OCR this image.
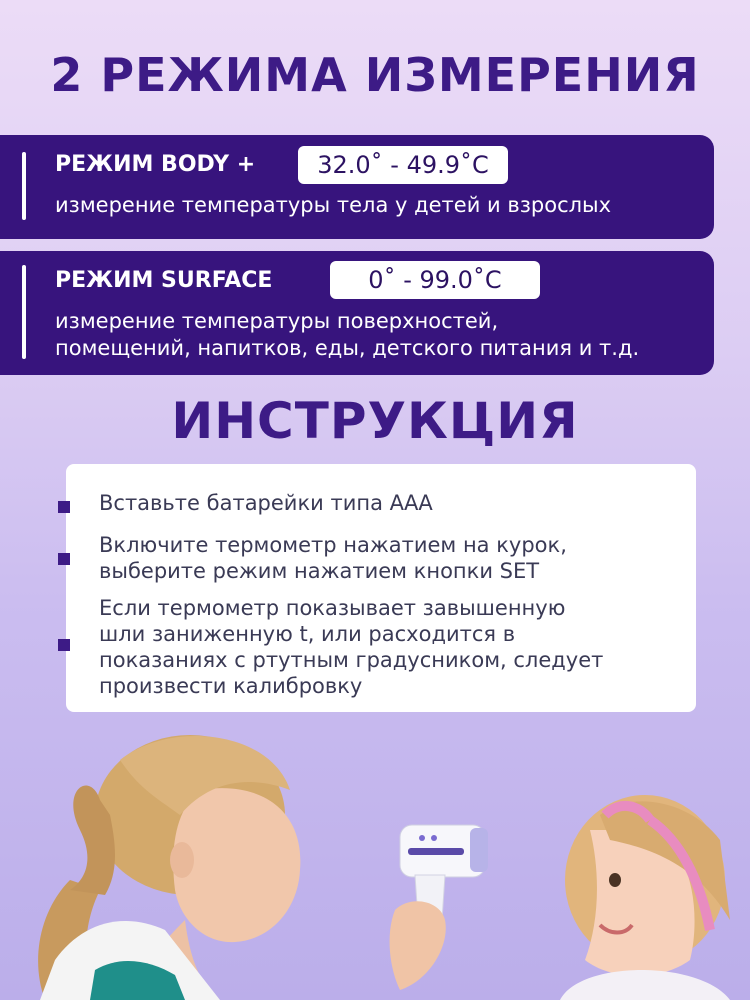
2 РЕЖИМА ИЗМЕРЕНИЯ
РЕЖИМ BODY +	32.0˚ - 49.9˚C
измерение температуры тела у детей и взрослых
РЕЖИМ SURFACE	0˚ - 99.0˚C
измерение температуры поверхностей,
помещений, напитков, еды, детского питания и т.д.
ИНСТРУКЦИЯ
Вставьте батарейки типа ААА
Включите термометр нажатием на курок,
выберите режим нажатием кнопки SET
Если термометр показывает завышенную
шли заниженную t, или расходится в
показаниях с ртутным градусником, следует
произвести калибровку
